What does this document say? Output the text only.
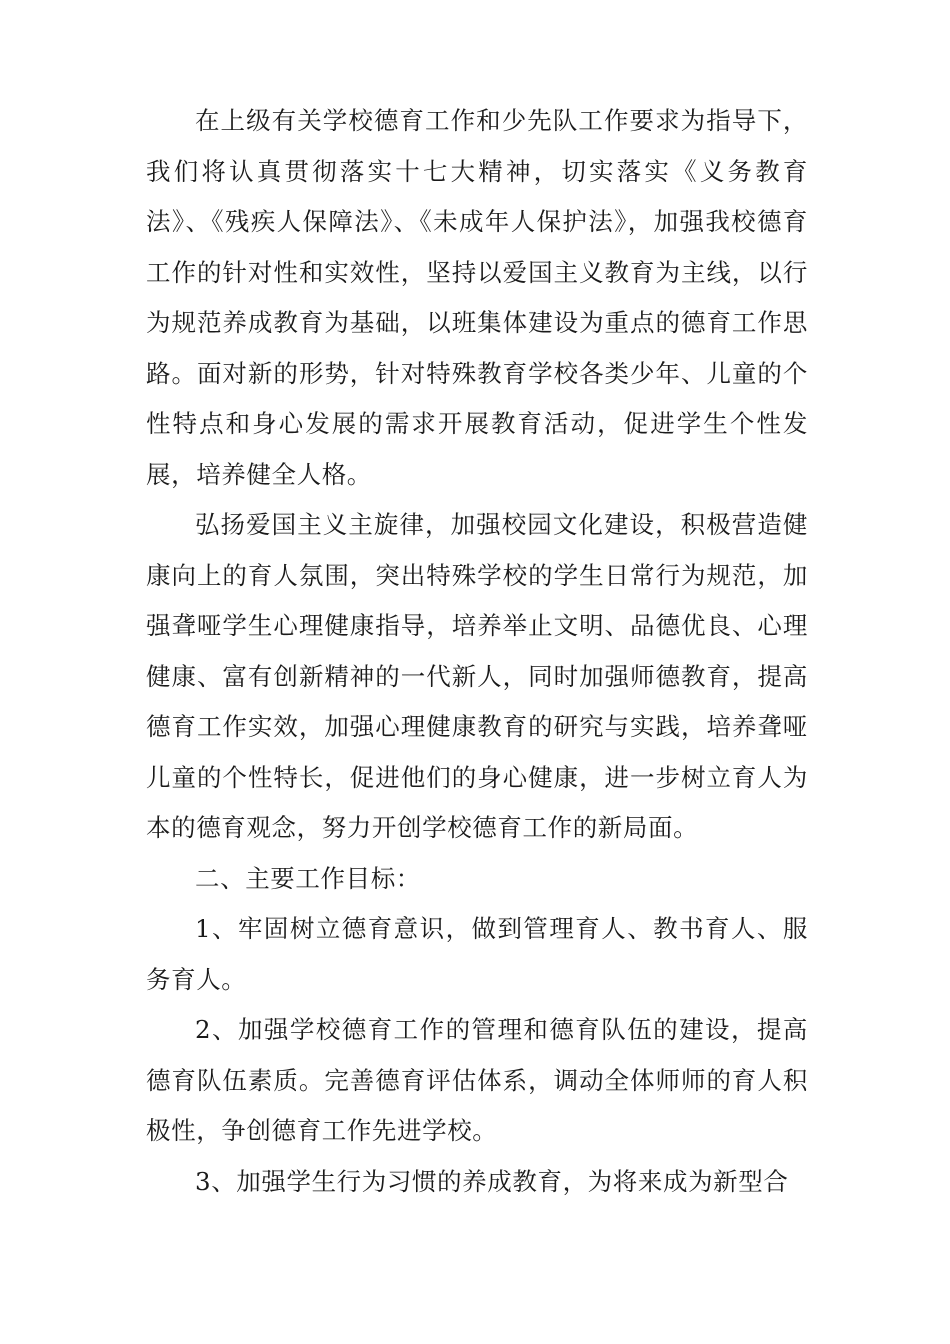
在上级有关学校德育工作和少先队工作要求为指导下，我们将认真贯彻落实十七大精神，切实落实《义务教育法》、《残疾人保障法》、《未成年人保护法》，加强我校德育工作的针对性和实效性，坚持以爱国主义教育为主线，以行为规范养成教育为基础，以班集体建设为重点的德育工作思路。面对新的形势，针对特殊教育学校各类少年、儿童的个性特点和身心发展的需求开展教育活动，促进学生个性发展，培养健全人格。

弘扬爱国主义主旋律，加强校园文化建设，积极营造健康向上的育人氛围，突出特殊学校的学生日常行为规范，加强聋哑学生心理健康指导，培养举止文明、品德优良、心理健康、富有创新精神的一代新人，同时加强师德教育，提高德育工作实效，加强心理健康教育的研究与实践，培养聋哑儿童的个性特长，促进他们的身心健康，进一步树立育人为本的德育观念，努力开创学校德育工作的新局面。

二、主要工作目标：

1、牢固树立德育意识，做到管理育人、教书育人、服务育人。

2、加强学校德育工作的管理和德育队伍的建设，提高德育队伍素质。完善德育评估体系，调动全体师师的育人积极性，争创德育工作先进学校。

3、加强学生行为习惯的养成教育，为将来成为新型合
